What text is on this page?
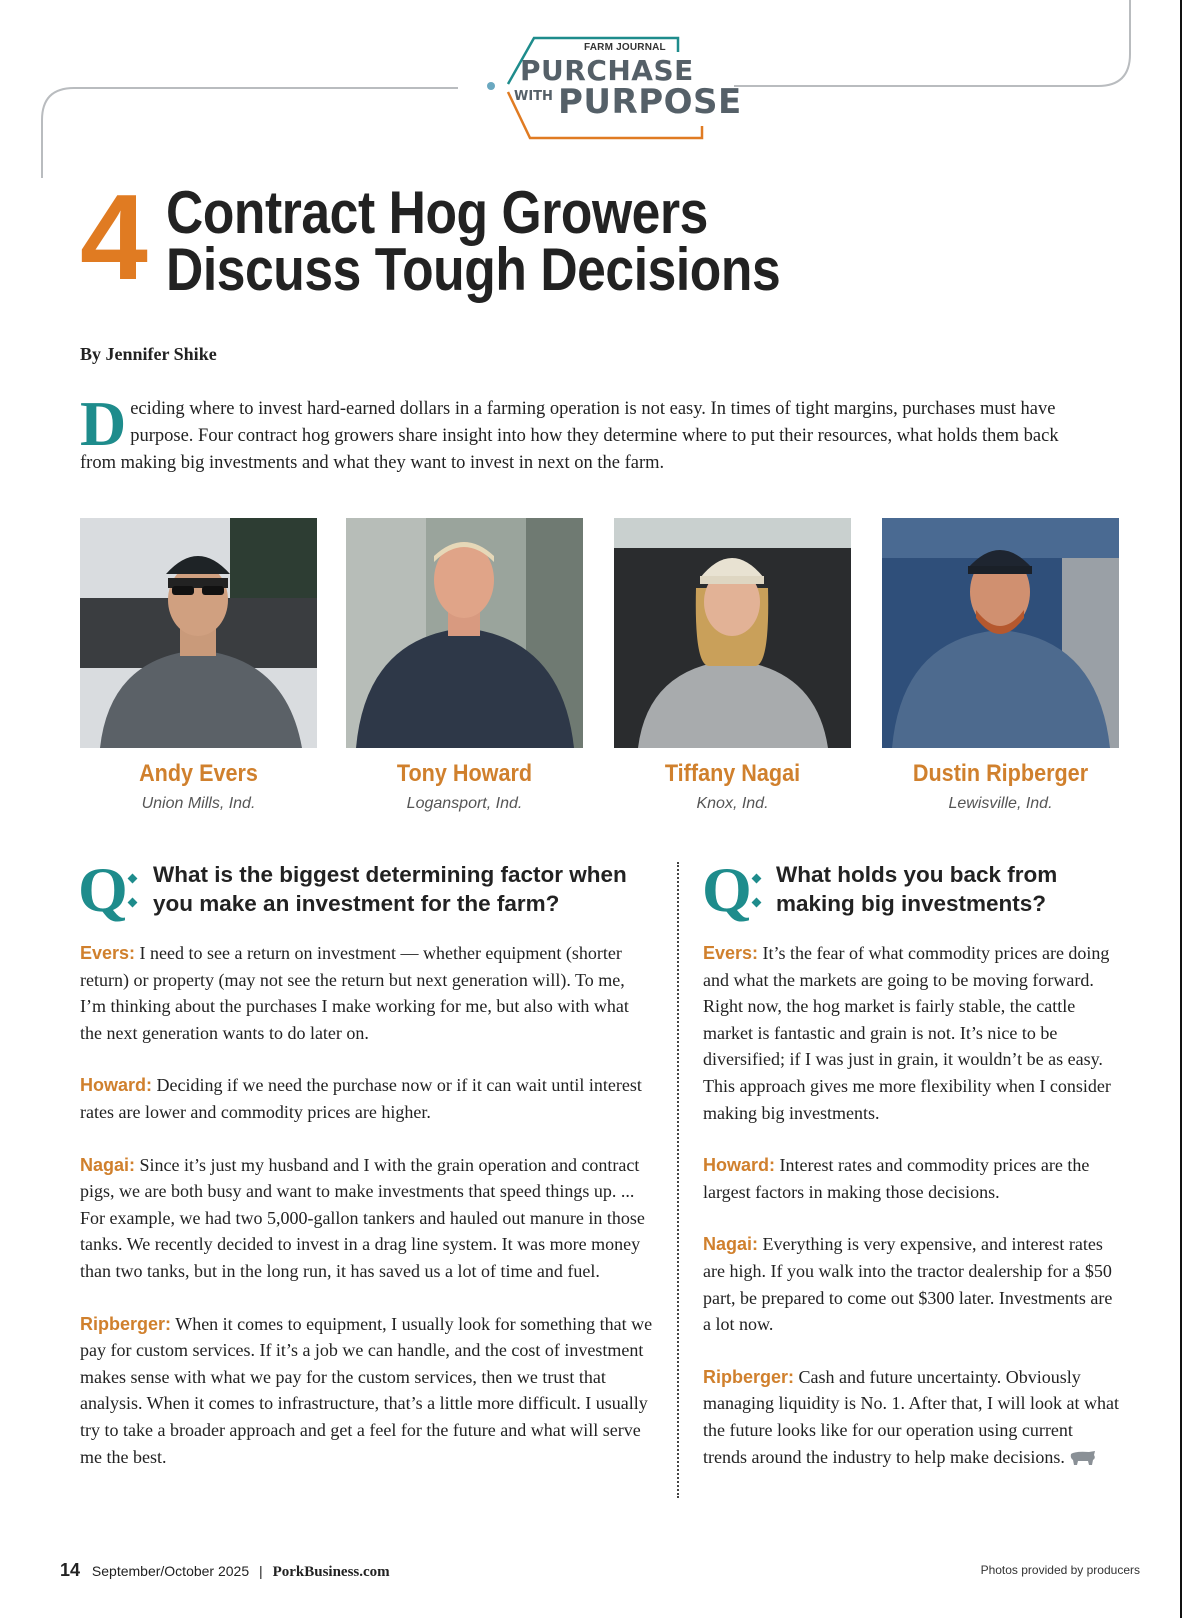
FARM JOURNAL
PURCHASE
WITH PURPOSE
4 Contract Hog Growers
Discuss Tough Decisions
By Jennifer Shike
Deciding where to invest hard-earned dollars in a farming operation is not easy. In times of tight margins, purchases must have purpose. Four contract hog growers share insight into how they determine where to put their resources, what holds them back from making big investments and what they want to invest in next on the farm.
Andy Evers
Union Mills, Ind.
Tony Howard
Logansport, Ind.
Tiffany Nagai
Knox, Ind.
Dustin Ripberger
Lewisville, Ind.
Q What is the biggest determining factor when you make an investment for the farm?

Evers: I need to see a return on investment — whether equipment (shorter return) or property (may not see the return but next generation will). To me, I’m thinking about the purchases I make working for me, but also with what the next generation wants to do later on.

Howard: Deciding if we need the purchase now or if it can wait until interest rates are lower and commodity prices are higher.

Nagai: Since it’s just my husband and I with the grain operation and contract pigs, we are both busy and want to make investments that speed things up. ... For example, we had two 5,000-gallon tankers and hauled out manure in those tanks. We recently decided to invest in a drag line system. It was more money than two tanks, but in the long run, it has saved us a lot of time and fuel.

Ripberger: When it comes to equipment, I usually look for something that we pay for custom services. If it’s a job we can handle, and the cost of investment makes sense with what we pay for the custom services, then we trust that analysis. When it comes to infrastructure, that’s a little more difficult. I usually try to take a broader approach and get a feel for the future and what will serve me the best.

Q What holds you back from making big investments?

Evers: It’s the fear of what commodity prices are doing and what the markets are going to be moving forward. Right now, the hog market is fairly stable, the cattle market is fantastic and grain is not. It’s nice to be diversified; if I was just in grain, it wouldn’t be as easy. This approach gives me more flexibility when I consider making big investments.

Howard: Interest rates and commodity prices are the largest factors in making those decisions.

Nagai: Everything is very expensive, and interest rates are high. If you walk into the tractor dealership for a $50 part, be prepared to come out $300 later. Investments are a lot now.

Ripberger: Cash and future uncertainty. Obviously managing liquidity is No. 1. After that, I will look at what the future looks like for our operation using current trends around the industry to help make decisions.

14 September/October 2025 | PorkBusiness.com	Photos provided by producers
